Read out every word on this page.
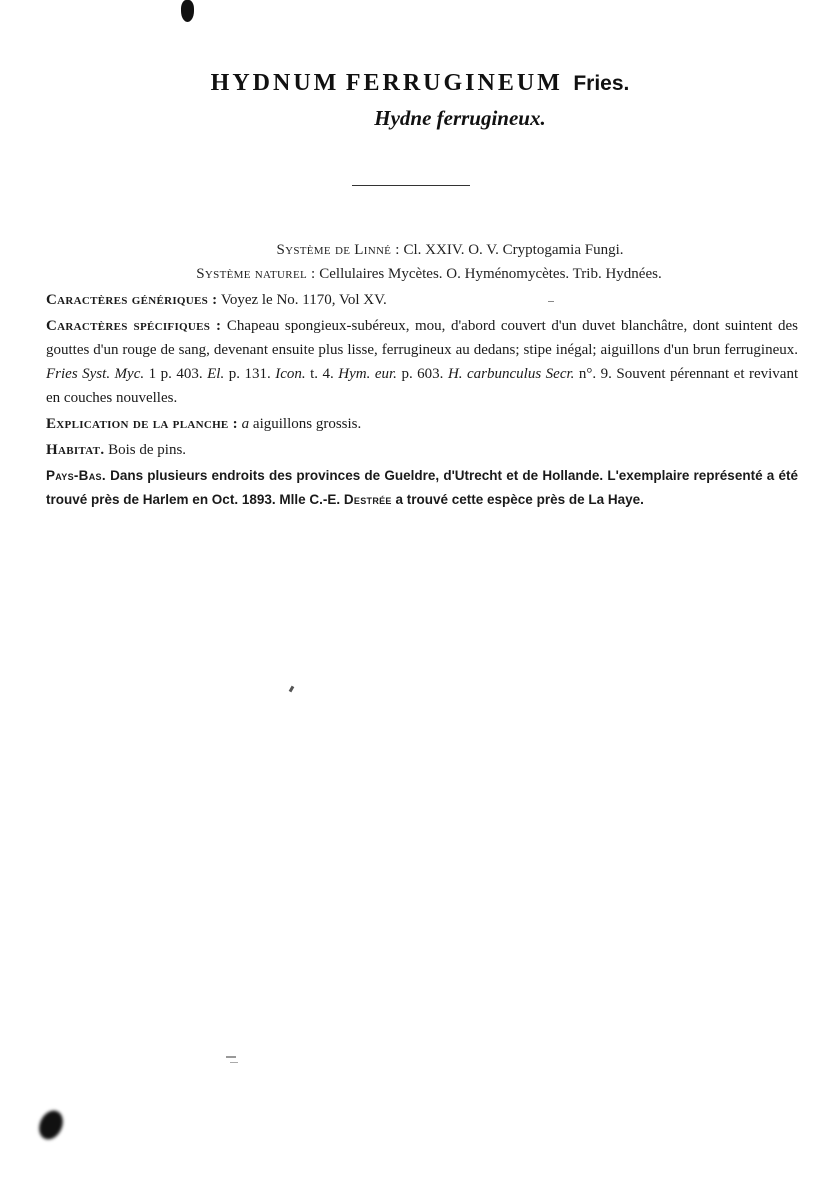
HYDNUM FERRUGINEUM Fries.
Hydne ferrugineux.
Système de Linné : Cl. XXIV. O. V. Cryptogamia Fungi.
Système naturel : Cellulaires Mycètes. O. Hyménomycètes. Trib. Hydnées.

Caractères génériques : Voyez le No. 1170, Vol XV.

Caractères spécifiques : Chapeau spongieux-subéreux, mou, d'abord couvert d'un duvet blanchâtre, dont suintent des gouttes d'un rouge de sang, devenant ensuite plus lisse, ferrugineux au dedans; stipe inégal; aiguillons d'un brun ferrugineux. Fries Syst. Myc. 1 p. 403. El. p. 131. Icon. t. 4. Hym. eur. p. 603. H. carbunculus Secr. n°. 9. Souvent pérennant et revivant en couches nouvelles.

Explication de la planche : a aiguillons grossis.

Habitat. Bois de pins.

Pays-Bas. Dans plusieurs endroits des provinces de Gueldre, d'Utrecht et de Hollande. L'exemplaire représenté a été trouvé près de Harlem en Oct. 1893. Mlle C.-E. Destrée a trouvé cette espèce près de La Haye.
